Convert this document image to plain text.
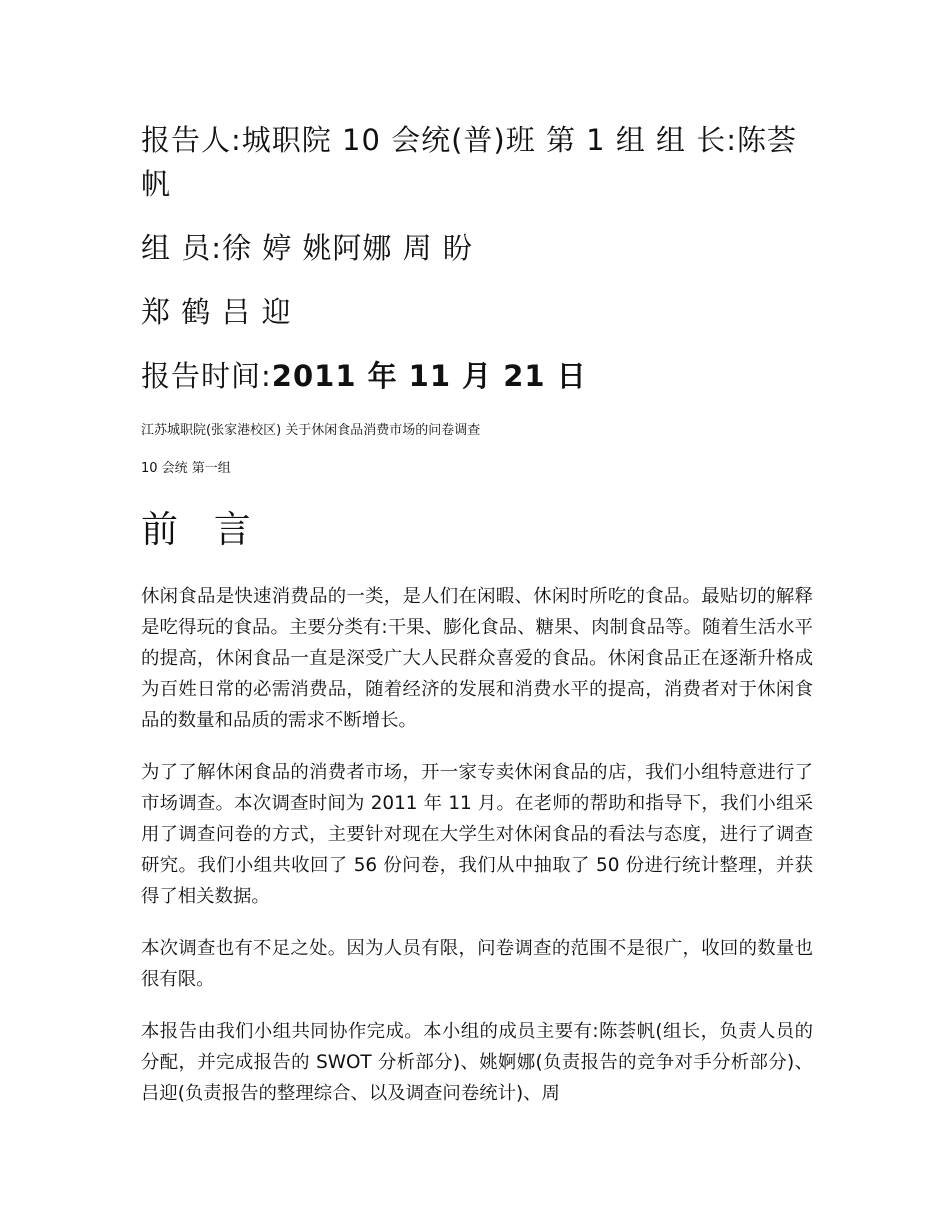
报告人:城职院 10 会统(普)班 第 1 组 组 长:陈荟帆

组 员:徐 婷 姚阿娜 周 盼

郑 鹤 吕 迎

报告时间:2011 年 11 月 21 日

江苏城职院(张家港校区) 关于休闲食品消费市场的问卷调查

10 会统 第一组

前 言

休闲食品是快速消费品的一类，是人们在闲暇、休闲时所吃的食品。最贴切的解释是吃得玩的食品。主要分类有:干果、膨化食品、糖果、肉制食品等。随着生活水平的提高，休闲食品一直是深受广大人民群众喜爱的食品。休闲食品正在逐渐升格成为百姓日常的必需消费品，随着经济的发展和消费水平的提高，消费者对于休闲食品的数量和品质的需求不断增长。

为了了解休闲食品的消费者市场，开一家专卖休闲食品的店，我们小组特意进行了市场调查。本次调查时间为 2011 年 11 月。在老师的帮助和指导下，我们小组采用了调查问卷的方式，主要针对现在大学生对休闲食品的看法与态度，进行了调查研究。我们小组共收回了 56 份问卷，我们从中抽取了 50 份进行统计整理，并获得了相关数据。

本次调查也有不足之处。因为人员有限，问卷调查的范围不是很广，收回的数量也很有限。

本报告由我们小组共同协作完成。本小组的成员主要有:陈荟帆(组长，负责人员的分配，并完成报告的 SWOT 分析部分)、姚婀娜(负责报告的竞争对手分析部分)、吕迎(负责报告的整理综合、以及调查问卷统计)、周
